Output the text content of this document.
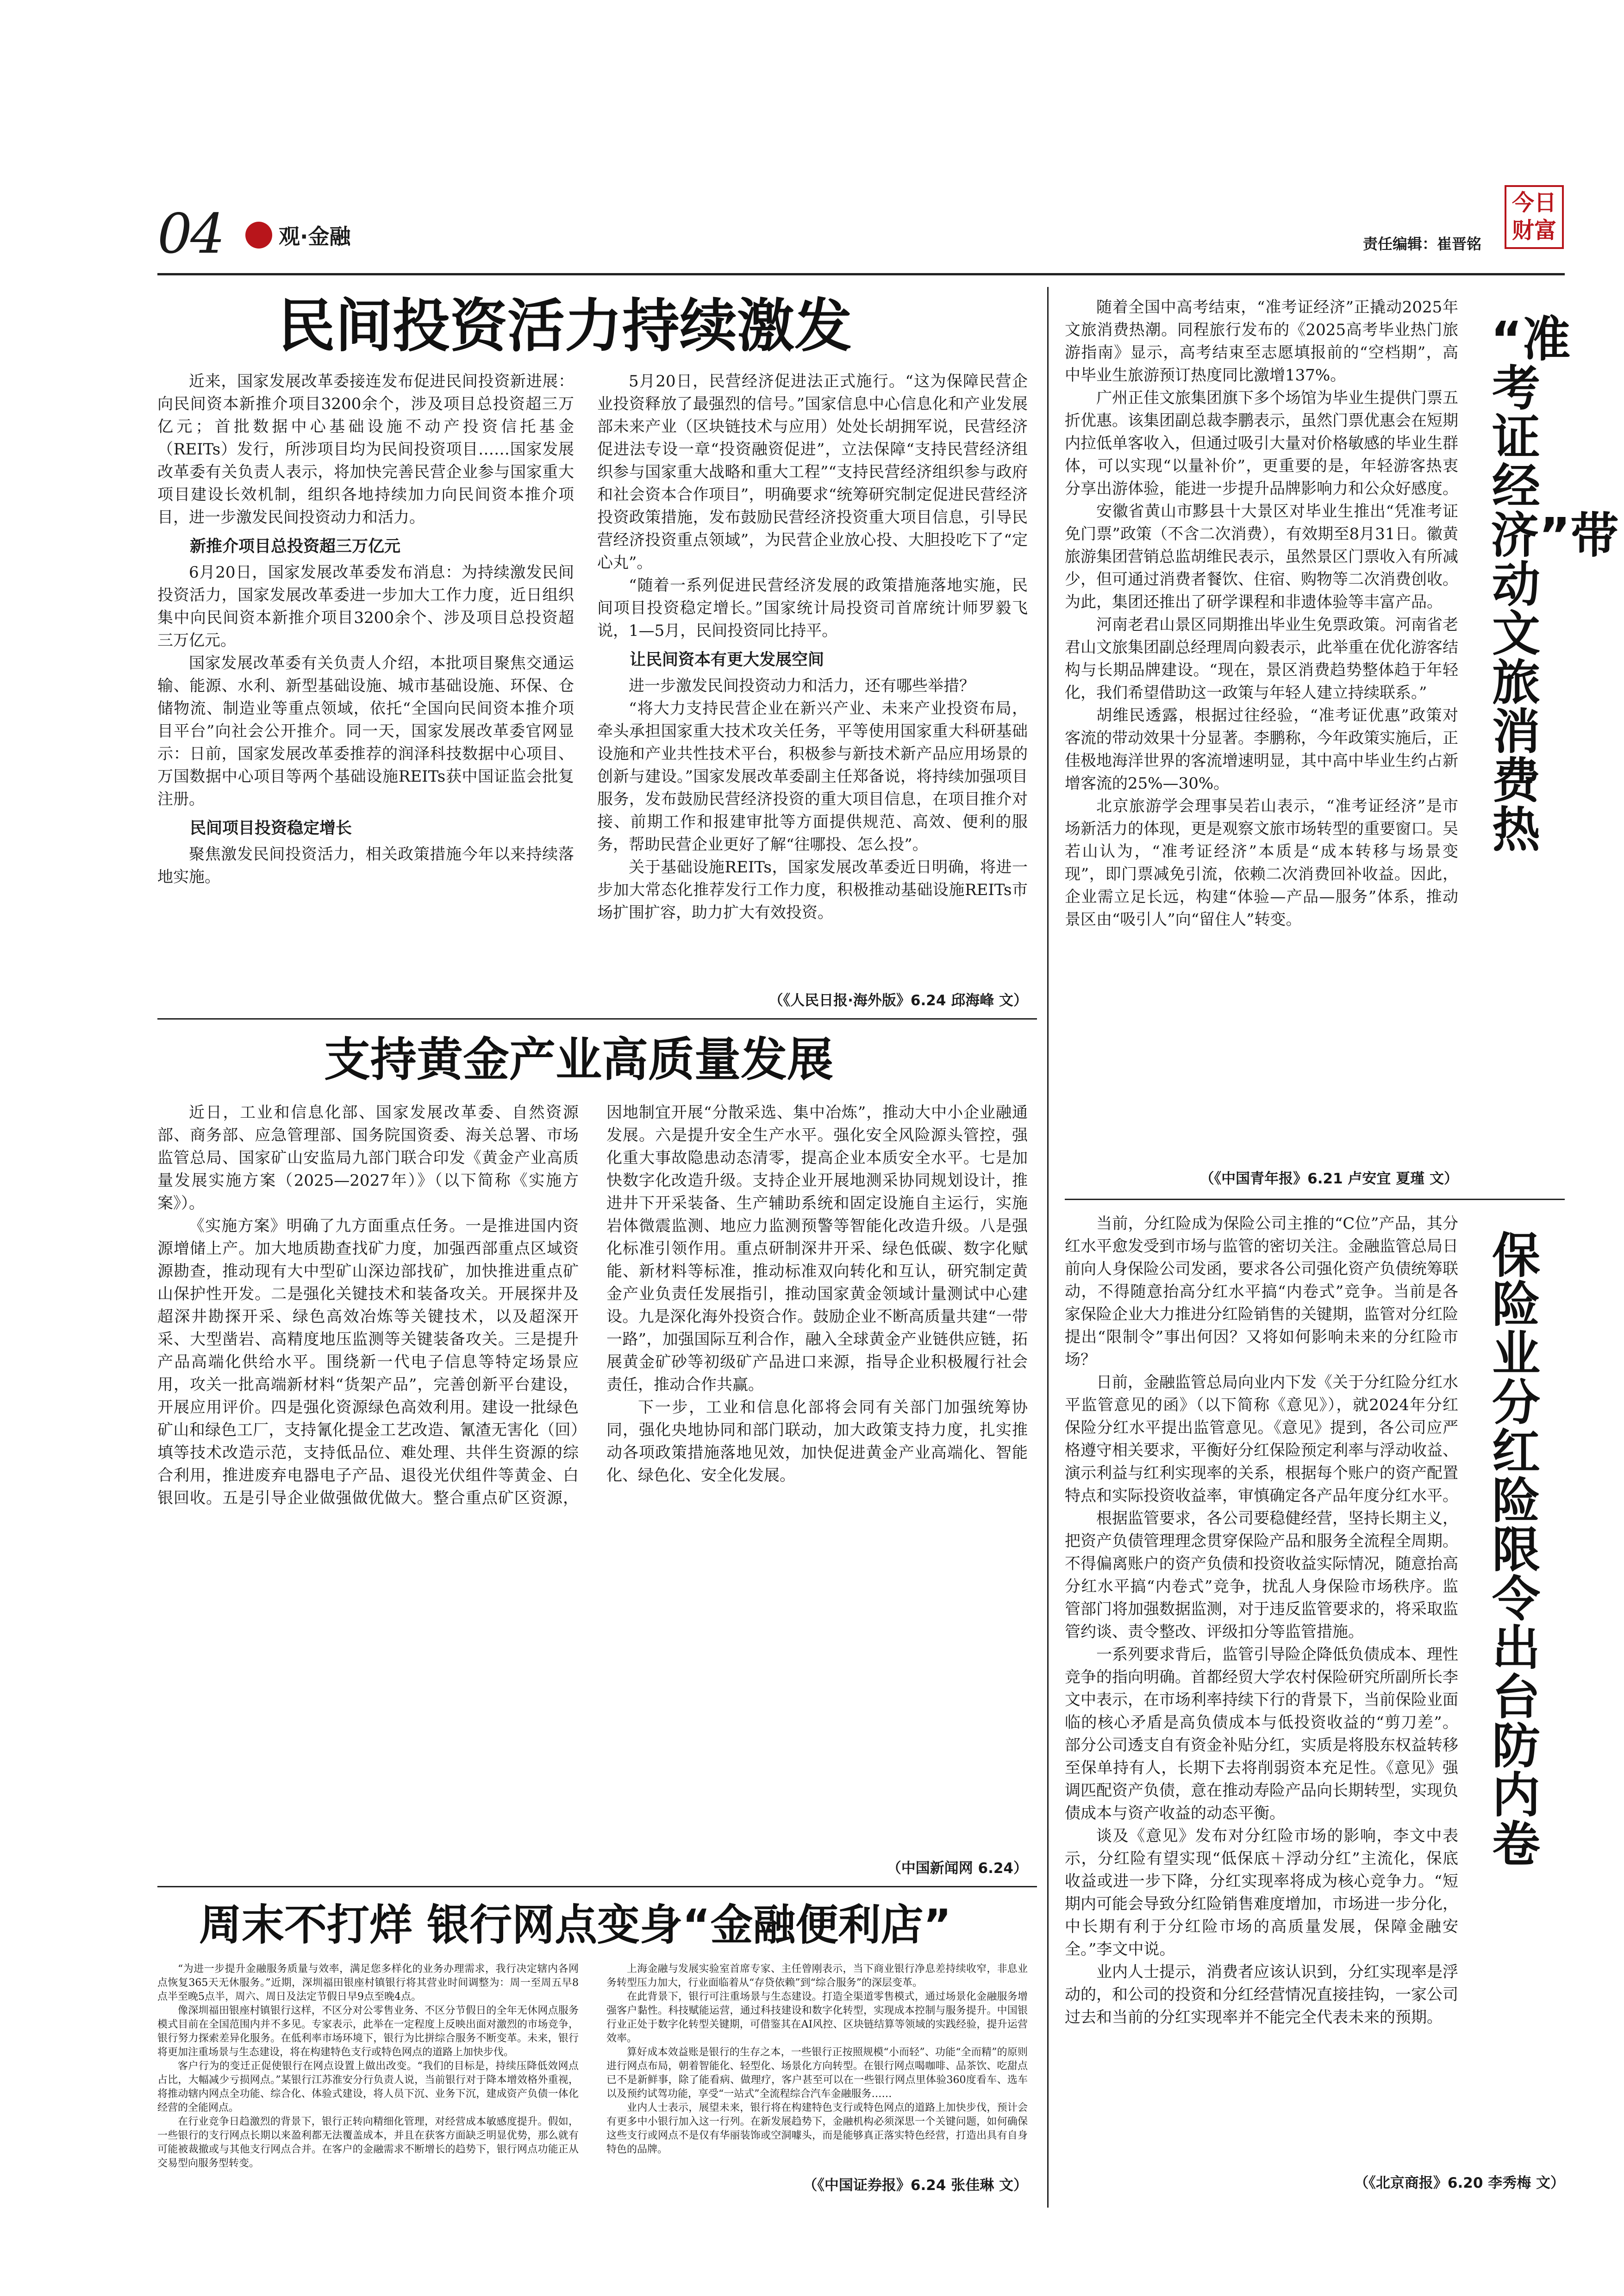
04	观·金融	责任编辑：崔晋铭
今日财富
民间投资活力持续激发

近来，国家发展改革委接连发布促进民间投资新进展：向民间资本新推介项目3200余个，涉及项目总投资超三万亿元；首批数据中心基础设施不动产投资信托基金（REITs）发行，所涉项目均为民间投资项目……国家发展改革委有关负责人表示，将加快完善民营企业参与国家重大项目建设长效机制，组织各地持续加力向民间资本推介项目，进一步激发民间投资动力和活力。

新推介项目总投资超三万亿元

6月20日，国家发展改革委发布消息：为持续激发民间投资活力，国家发展改革委进一步加大工作力度，近日组织集中向民间资本新推介项目3200余个、涉及项目总投资超三万亿元。

国家发展改革委有关负责人介绍，本批项目聚焦交通运输、能源、水利、新型基础设施、城市基础设施、环保、仓储物流、制造业等重点领域，依托“全国向民间资本推介项目平台”向社会公开推介。同一天，国家发展改革委官网显示：日前，国家发展改革委推荐的润泽科技数据中心项目、万国数据中心项目等两个基础设施REITs获中国证监会批复注册。

民间项目投资稳定增长

聚焦激发民间投资活力，相关政策措施今年以来持续落地实施。

5月20日，民营经济促进法正式施行。“这为保障民营企业投资释放了最强烈的信号。”国家信息中心信息化和产业发展部未来产业（区块链技术与应用）处处长胡拥军说，民营经济促进法专设一章“投资融资促进”，立法保障“支持民营经济组织参与国家重大战略和重大工程”“支持民营经济组织参与政府和社会资本合作项目”，明确要求“统筹研究制定促进民营经济投资政策措施，发布鼓励民营经济投资重大项目信息，引导民营经济投资重点领域”，为民营企业放心投、大胆投吃下了“定心丸”。

“随着一系列促进民营经济发展的政策措施落地实施，民间项目投资稳定增长。”国家统计局投资司首席统计师罗毅飞说，1—5月，民间投资同比持平。

让民间资本有更大发展空间

进一步激发民间投资动力和活力，还有哪些举措？

“将大力支持民营企业在新兴产业、未来产业投资布局，牵头承担国家重大技术攻关任务，平等使用国家重大科研基础设施和产业共性技术平台，积极参与新技术新产品应用场景的创新与建设。”国家发展改革委副主任郑备说，将持续加强项目服务，发布鼓励民营经济投资的重大项目信息，在项目推介对接、前期工作和报建审批等方面提供规范、高效、便利的服务，帮助民营企业更好了解“往哪投、怎么投”。

关于基础设施REITs，国家发展改革委近日明确，将进一步加大常态化推荐发行工作力度，积极推动基础设施REITs市场扩围扩容，助力扩大有效投资。

（《人民日报·海外版》6.24 邱海峰 文）

随着全国中高考结束，“准考证经济”正撬动2025年文旅消费热潮。同程旅行发布的《2025高考毕业热门旅游指南》显示，高考结束至志愿填报前的“空档期”，高中毕业生旅游预订热度同比激增137%。

广州正佳文旅集团旗下多个场馆为毕业生提供门票五折优惠。该集团副总裁李鹏表示，虽然门票优惠会在短期内拉低单客收入，但通过吸引大量对价格敏感的毕业生群体，可以实现“以量补价”，更重要的是，年轻游客热衷分享出游体验，能进一步提升品牌影响力和公众好感度。

安徽省黄山市黟县十大景区对毕业生推出“凭准考证免门票”政策（不含二次消费），有效期至8月31日。徽黄旅游集团营销总监胡维民表示，虽然景区门票收入有所减少，但可通过消费者餐饮、住宿、购物等二次消费创收。为此，集团还推出了研学课程和非遗体验等丰富产品。

河南老君山景区同期推出毕业生免票政策。河南省老君山文旅集团副总经理周向毅表示，此举重在优化游客结构与长期品牌建设。“现在，景区消费趋势整体趋于年轻化，我们希望借助这一政策与年轻人建立持续联系。”

胡维民透露，根据过往经验，“准考证优惠”政策对客流的带动效果十分显著。李鹏称，今年政策实施后，正佳极地海洋世界的客流增速明显，其中高中毕业生约占新增客流的25%—30%。

北京旅游学会理事吴若山表示，“准考证经济”是市场新活力的体现，更是观察文旅市场转型的重要窗口。吴若山认为，“准考证经济”本质是“成本转移与场景变现”，即门票减免引流，依赖二次消费回补收益。因此，企业需立足长远，构建“体验—产品—服务”体系，推动景区由“吸引人”向“留住人”转变。

“准考证经济”带动文旅消费热
（《中国青年报》6.21 卢安宜 夏瑾 文）
支持黄金产业高质量发展

近日，工业和信息化部、国家发展改革委、自然资源部、商务部、应急管理部、国务院国资委、海关总署、市场监管总局、国家矿山安监局九部门联合印发《黄金产业高质量发展实施方案（2025—2027年）》（以下简称《实施方案》）。

《实施方案》明确了九方面重点任务。一是推进国内资源增储上产。加大地质勘查找矿力度，加强西部重点区域资源勘查，推动现有大中型矿山深边部找矿，加快推进重点矿山保护性开发。二是强化关键技术和装备攻关。开展探井及超深井勘探开采、绿色高效冶炼等关键技术，以及超深开采、大型凿岩、高精度地压监测等关键装备攻关。三是提升产品高端化供给水平。围绕新一代电子信息等特定场景应用，攻关一批高端新材料“货架产品”，完善创新平台建设，开展应用评价。四是强化资源绿色高效利用。建设一批绿色矿山和绿色工厂，支持氰化提金工艺改造、氰渣无害化（回）填等技术改造示范，支持低品位、难处理、共伴生资源的综合利用，推进废弃电器电子产品、退役光伏组件等黄金、白银回收。五是引导企业做强做优做大。整合重点矿区资源，因地制宜开展“分散采选、集中冶炼”，推动大中小企业融通发展。六是提升安全生产水平。强化安全风险源头管控，强化重大事故隐患动态清零，提高企业本质安全水平。七是加快数字化改造升级。支持企业开展地测采协同规划设计，推进井下开采装备、生产辅助系统和固定设施自主运行，实施岩体微震监测、地应力监测预警等智能化改造升级。八是强化标准引领作用。重点研制深井开采、绿色低碳、数字化赋能、新材料等标准，推动标准双向转化和互认，研究制定黄金产业负责任发展指引，推动国家黄金领域计量测试中心建设。九是深化海外投资合作。鼓励企业不断高质量共建“一带一路”，加强国际互利合作，融入全球黄金产业链供应链，拓展黄金矿砂等初级矿产品进口来源，指导企业积极履行社会责任，推动合作共赢。

下一步，工业和信息化部将会同有关部门加强统筹协同，强化央地协同和部门联动，加大政策支持力度，扎实推动各项政策措施落地见效，加快促进黄金产业高端化、智能化、绿色化、安全化发展。

（中国新闻网 6.24）

当前，分红险成为保险公司主推的“C位”产品，其分红水平愈发受到市场与监管的密切关注。金融监管总局日前向人身保险公司发函，要求各公司强化资产负债统筹联动，不得随意抬高分红水平搞“内卷式”竞争。当前是各家保险企业大力推进分红险销售的关键期，监管对分红险提出“限制令”事出何因？又将如何影响未来的分红险市场？

日前，金融监管总局向业内下发《关于分红险分红水平监管意见的函》（以下简称《意见》），就2024年分红保险分红水平提出监管意见。《意见》提到，各公司应严格遵守相关要求，平衡好分红保险预定利率与浮动收益、演示利益与红利实现率的关系，根据每个账户的资产配置特点和实际投资收益率，审慎确定各产品年度分红水平。

根据监管要求，各公司要稳健经营，坚持长期主义，把资产负债管理理念贯穿保险产品和服务全流程全周期。不得偏离账户的资产负债和投资收益实际情况，随意抬高分红水平搞“内卷式”竞争，扰乱人身保险市场秩序。监管部门将加强数据监测，对于违反监管要求的，将采取监管约谈、责令整改、评级扣分等监管措施。

一系列要求背后，监管引导险企降低负债成本、理性竞争的指向明确。首都经贸大学农村保险研究所副所长李文中表示，在市场利率持续下行的背景下，当前保险业面临的核心矛盾是高负债成本与低投资收益的“剪刀差”。部分公司透支自有资金补贴分红，实质是将股东权益转移至保单持有人，长期下去将削弱资本充足性。《意见》强调匹配资产负债，意在推动寿险产品向长期转型，实现负债成本与资产收益的动态平衡。

谈及《意见》发布对分红险市场的影响，李文中表示，分红险有望实现“低保底＋浮动分红”主流化，保底收益或进一步下降，分红实现率将成为核心竞争力。“短期内可能会导致分红险销售难度增加，市场进一步分化，中长期有利于分红险市场的高质量发展，保障金融安全。”李文中说。

业内人士提示，消费者应该认识到，分红实现率是浮动的，和公司的投资和分红经营情况直接挂钩，一家公司过去和当前的分红实现率并不能完全代表未来的预期。

保险业分红险限令出台防内卷
（《北京商报》6.20 李秀梅 文）
周末不打烊 银行网点变身“金融便利店”

“为进一步提升金融服务质量与效率，满足您多样化的业务办理需求，我行决定辖内各网点恢复365天无休服务。”近期，深圳福田银座村镇银行将其营业时间调整为：周一至周五早8点半至晚5点半，周六、周日及法定节假日早9点至晚4点。

像深圳福田银座村镇银行这样，不区分对公零售业务、不区分节假日的全年无休网点服务模式目前在全国范围内并不多见。专家表示，此举在一定程度上反映出面对激烈的市场竞争，银行努力探索差异化服务。在低利率市场环境下，银行为比拼综合服务不断变革。未来，银行将更加注重场景与生态建设，将在构建特色支行或特色网点的道路上加快步伐。

客户行为的变迁正促使银行在网点设置上做出改变。“我们的目标是，持续压降低效网点占比，大幅减少亏损网点。”某银行江苏淮安分行负责人说，当前银行对于降本增效格外重视，将推动辖内网点全功能、综合化、体验式建设，将人员下沉、业务下沉，建成资产负债一体化经营的全能网点。

在行业竞争日趋激烈的背景下，银行正转向精细化管理，对经营成本敏感度提升。假如，一些银行的支行网点长期以来盈利都无法覆盖成本，并且在获客方面缺乏明显优势，那么就有可能被裁撤或与其他支行网点合并。在客户的金融需求不断增长的趋势下，银行网点功能正从交易型向服务型转变。

上海金融与发展实验室首席专家、主任曾刚表示，当下商业银行净息差持续收窄，非息业务转型压力加大，行业面临着从“存贷依赖”到“综合服务”的深层变革。

在此背景下，银行可注重场景与生态建设。打造全渠道零售模式，通过场景化金融服务增强客户黏性。科技赋能运营，通过科技建设和数字化转型，实现成本控制与服务提升。中国银行业正处于数字化转型关键期，可借鉴其在AI风控、区块链结算等领域的实践经验，提升运营效率。

算好成本效益账是银行的生存之本，一些银行正按照规模“小而轻”、功能“全而精”的原则进行网点布局，朝着智能化、轻型化、场景化方向转型。在银行网点喝咖啡、品茶饮、吃甜点已不是新鲜事，除了能看病、做理疗，客户甚至可以在一些银行网点里体验360度看车、选车以及预约试驾功能，享受“一站式”全流程综合汽车金融服务……

业内人士表示，展望未来，银行将在构建特色支行或特色网点的道路上加快步伐，预计会有更多中小银行加入这一行列。在新发展趋势下，金融机构必须深思一个关键问题，如何确保这些支行或网点不是仅有华丽装饰或空洞噱头，而是能够真正落实特色经营，打造出具有自身特色的品牌。

（《中国证券报》6.24 张佳琳 文）
